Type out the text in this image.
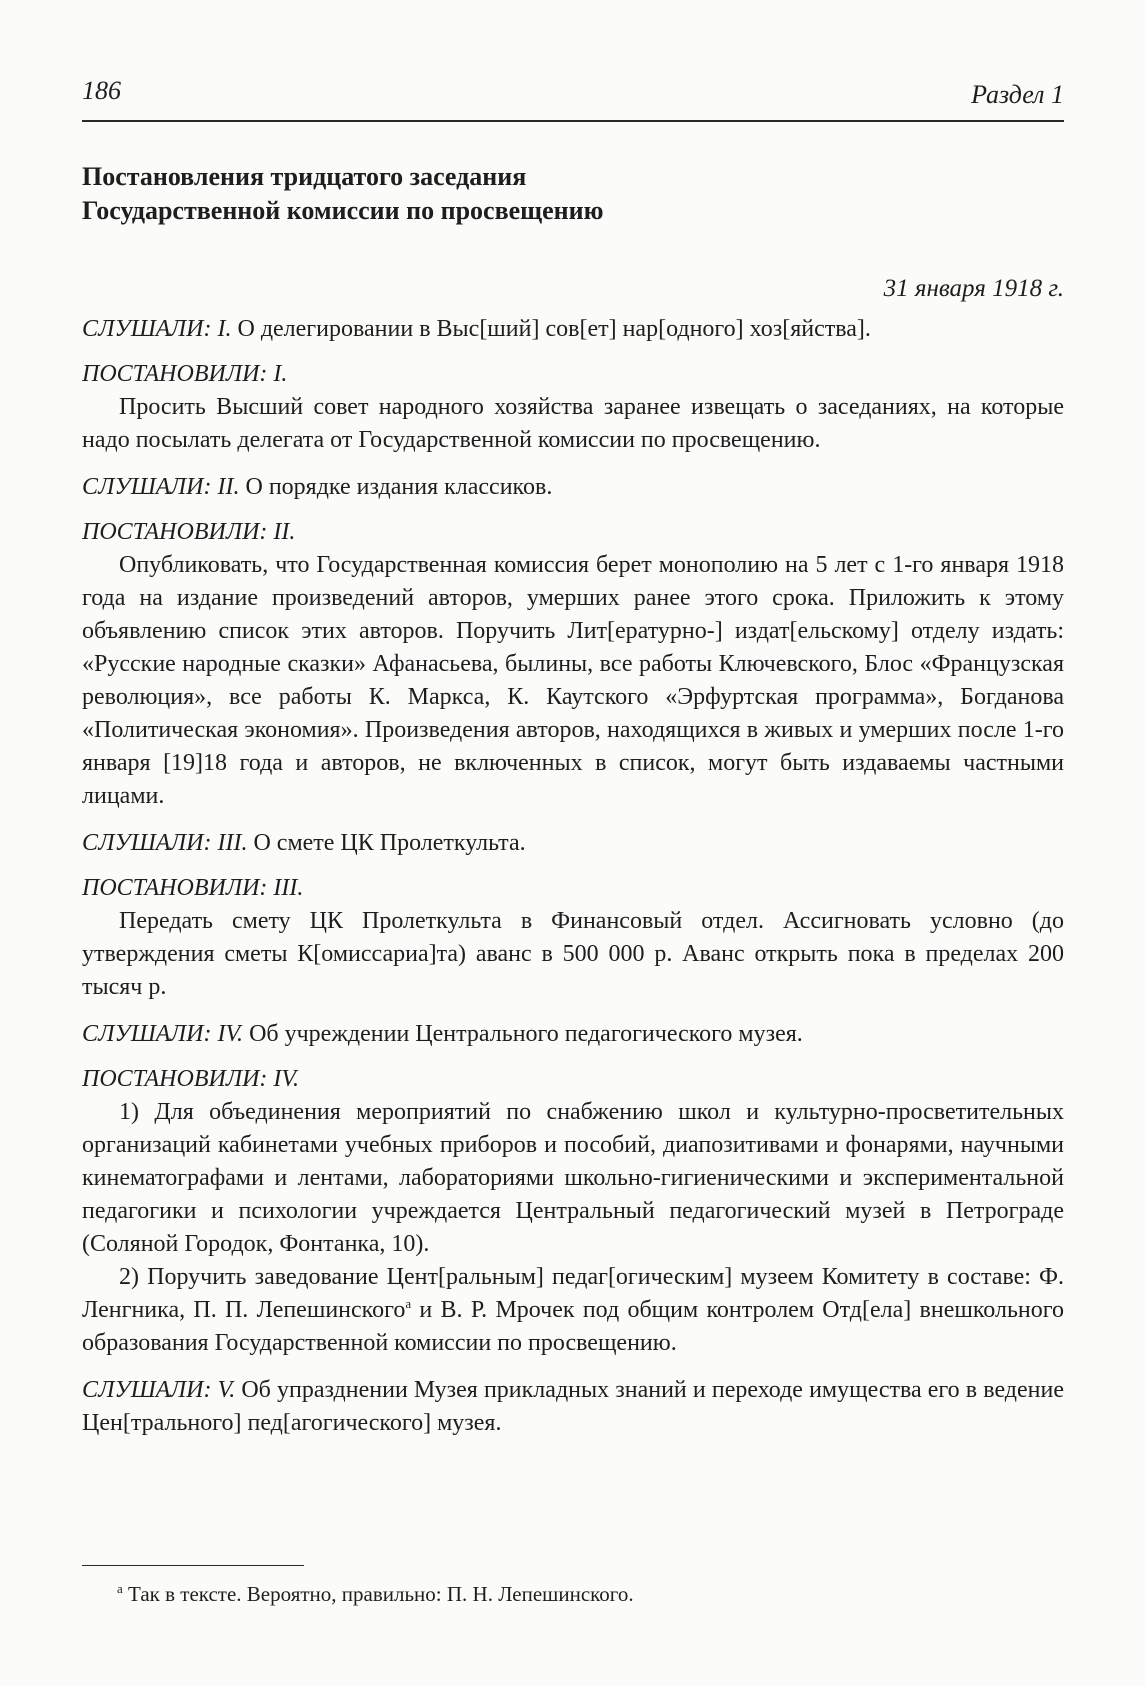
186	Раздел 1
Постановления тридцатого заседания
Государственной комиссии по просвещению
31 января 1918 г.

СЛУШАЛИ: I. О делегировании в Выс[ший] сов[ет] нар[одного] хоз[яйства].

ПОСТАНОВИЛИ: I.

Просить Высший совет народного хозяйства заранее извещать о заседаниях, на которые надо посылать делегата от Государственной комиссии по просвещению.

СЛУШАЛИ: II. О порядке издания классиков.

ПОСТАНОВИЛИ: II.

Опубликовать, что Государственная комиссия берет монополию на 5 лет с 1-го января 1918 года на издание произведений авторов, умерших ранее этого срока. Приложить к этому объявлению список этих авторов. Поручить Лит[ературно-] издат[ельскому] отделу издать: «Русские народные сказки» Афанасьева, былины, все работы Ключевского, Блос «Французская революция», все работы К. Маркса, К. Каутского «Эрфуртская программа», Богданова «Политическая экономия». Произведения авторов, находящихся в живых и умерших после 1-го января [19]18 года и авторов, не включенных в список, могут быть издаваемы частными лицами.

СЛУШАЛИ: III. О смете ЦК Пролеткульта.

ПОСТАНОВИЛИ: III.

Передать смету ЦК Пролеткульта в Финансовый отдел. Ассигновать условно (до утверждения сметы К[омиссариа]та) аванс в 500 000 р. Аванс открыть пока в пределах 200 тысяч р.

СЛУШАЛИ: IV. Об учреждении Центрального педагогического музея.

ПОСТАНОВИЛИ: IV.

1) Для объединения мероприятий по снабжению школ и культурно-просветительных организаций кабинетами учебных приборов и пособий, диапозитивами и фонарями, научными кинематографами и лентами, лабораториями школьно-гигиеническими и экспериментальной педагогики и психологии учреждается Центральный педагогический музей в Петрограде (Соляной Городок, Фонтанка, 10).

2) Поручить заведование Цент[ральным] педаг[огическим] музеем Комитету в составе: Ф. Ленгника, П. П. Лепешинского$^а$ и В. Р. Мрочек под общим контролем Отд[ела] внешкольного образования Государственной комиссии по просвещению.

СЛУШАЛИ: V. Об упразднении Музея прикладных знаний и переходе имущества его в ведение Цен[трального] пед[агогического] музея.

$^а$ Так в тексте. Вероятно, правильно: П. Н. Лепешинского.
